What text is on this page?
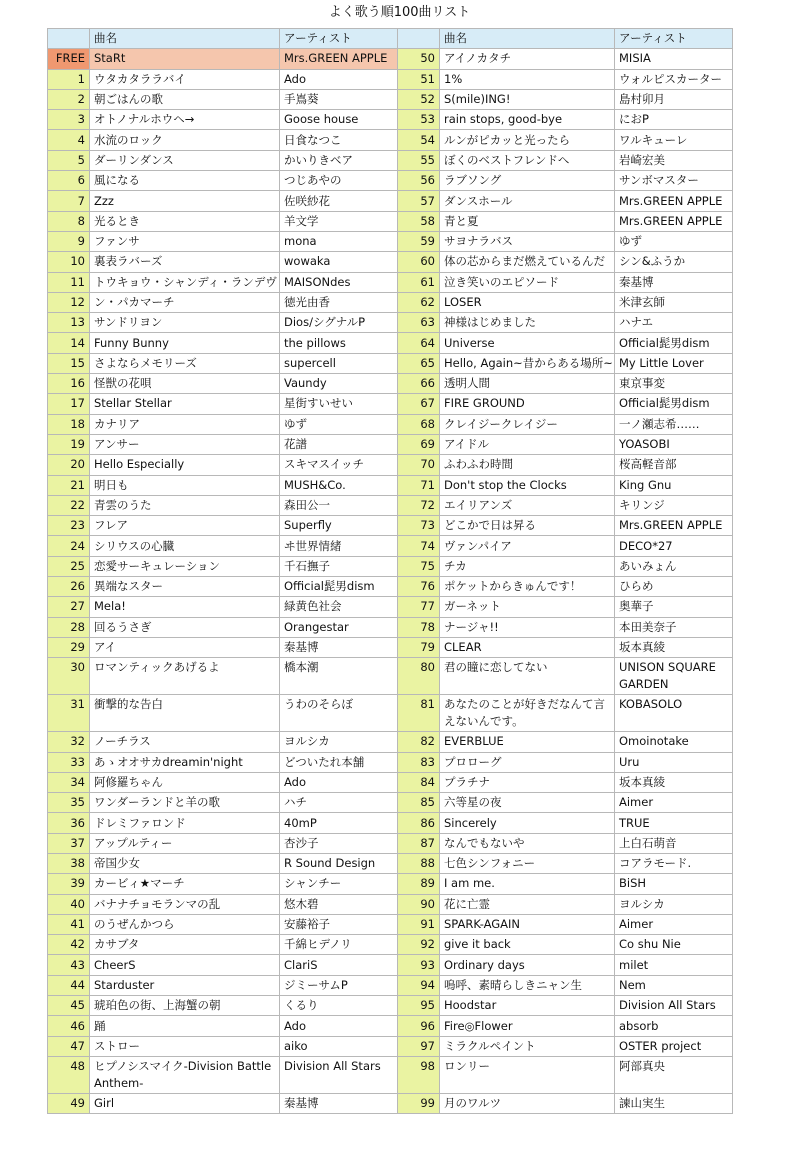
よく歌う順100曲リスト
	曲名	アーティスト		曲名	アーティスト
FREE	StaRt	Mrs.GREEN APPLE	50	アイノカタチ	MISIA
1	ウタカタララバイ	Ado	51	1%	ウォルピスカーター
2	朝ごはんの歌	手嶌葵	52	S(mile)ING!	島村卯月
3	オトノナルホウヘ→	Goose house	53	rain stops, good-bye	におP
4	水流のロック	日食なつこ	54	ルンがピカッと光ったら	ワルキューレ
5	ダーリンダンス	かいりきベア	55	ぼくのベストフレンドへ	岩崎宏美
6	風になる	つじあやの	56	ラブソング	サンボマスター
7	Zzz	佐咲紗花	57	ダンスホール	Mrs.GREEN APPLE
8	光るとき	羊文学	58	青と夏	Mrs.GREEN APPLE
9	ファンサ	mona	59	サヨナラバス	ゆず
10	裏表ラバーズ	wowaka	60	体の芯からまだ燃えているんだ	シン&ふうか
11	トウキョウ・シャンディ・ランデヴ	MAISONdes	61	泣き笑いのエピソード	秦基博
12	ン・パカマーチ	徳光由香	62	LOSER	米津玄師
13	サンドリヨン	Dios/シグナルP	63	神様はじめました	ハナエ
14	Funny Bunny	the pillows	64	Universe	Official髭男dism
15	さよならメモリーズ	supercell	65	Hello, Again~昔からある場所~	My Little Lover
16	怪獣の花唄	Vaundy	66	透明人間	東京事変
17	Stellar Stellar	星街すいせい	67	FIRE GROUND	Official髭男dism
18	カナリア	ゆず	68	クレイジークレイジー	一ノ瀬志希……
19	アンサー	花譜	69	アイドル	YOASOBI
20	Hello Especially	スキマスイッチ	70	ふわふわ時間	桜高軽音部
21	明日も	MUSH&Co.	71	Don't stop the Clocks	King Gnu
22	青雲のうた	森田公一	72	エイリアンズ	キリンジ
23	フレア	Superfly	73	どこかで日は昇る	Mrs.GREEN APPLE
24	シリウスの心臓	ヰ世界情緒	74	ヴァンパイア	DECO*27
25	恋愛サーキュレーション	千石撫子	75	チカ	あいみょん
26	異端なスター	Official髭男dism	76	ポケットからきゅんです！	ひらめ
27	Mela!	緑黄色社会	77	ガーネット	奥華子
28	回るうさぎ	Orangestar	78	ナージャ!!	本田美奈子
29	アイ	秦基博	79	CLEAR	坂本真綾
30	ロマンティックあげるよ	橋本潮	80	君の瞳に恋してない	UNISON SQUARE GARDEN

31	衝撃的な告白	うわのそらぼ	81	あなたのことが好きだなんて言えないんです。	KOBASOLO

32	ノーチラス	ヨルシカ	82	EVERBLUE	Omoinotake
33	あゝオオサカdreamin'night	どついたれ本舗	83	プロローグ	Uru
34	阿修羅ちゃん	Ado	84	プラチナ	坂本真綾
35	ワンダーランドと羊の歌	ハチ	85	六等星の夜	Aimer
36	ドレミファロンド	40mP	86	Sincerely	TRUE
37	アップルティー	杏沙子	87	なんでもないや	上白石萌音
38	帝国少女	R Sound Design	88	七色シンフォニー	コアラモード.
39	カービィ★マーチ	シャンチー	89	I am me.	BiSH
40	バナナチョモランマの乱	悠木碧	90	花に亡霊	ヨルシカ
41	のうぜんかつら	安藤裕子	91	SPARK-AGAIN	Aimer
42	カサブタ	千綿ヒデノリ	92	give it back	Co shu Nie
43	CheerS	ClariS	93	Ordinary days	milet
44	Starduster	ジミーサムP	94	嗚呼、素晴らしきニャン生	Nem
45	琥珀色の街、上海蟹の朝	くるり	95	Hoodstar	Division All Stars
46	踊	Ado	96	Fire◎Flower	absorb
47	ストロー	aiko	97	ミラクルペイント	OSTER project
48	ヒプノシスマイク-Division Battle Anthem-	Division All Stars	98	ロンリー	阿部真央

49	Girl	秦基博	99	月のワルツ	諫山実生
